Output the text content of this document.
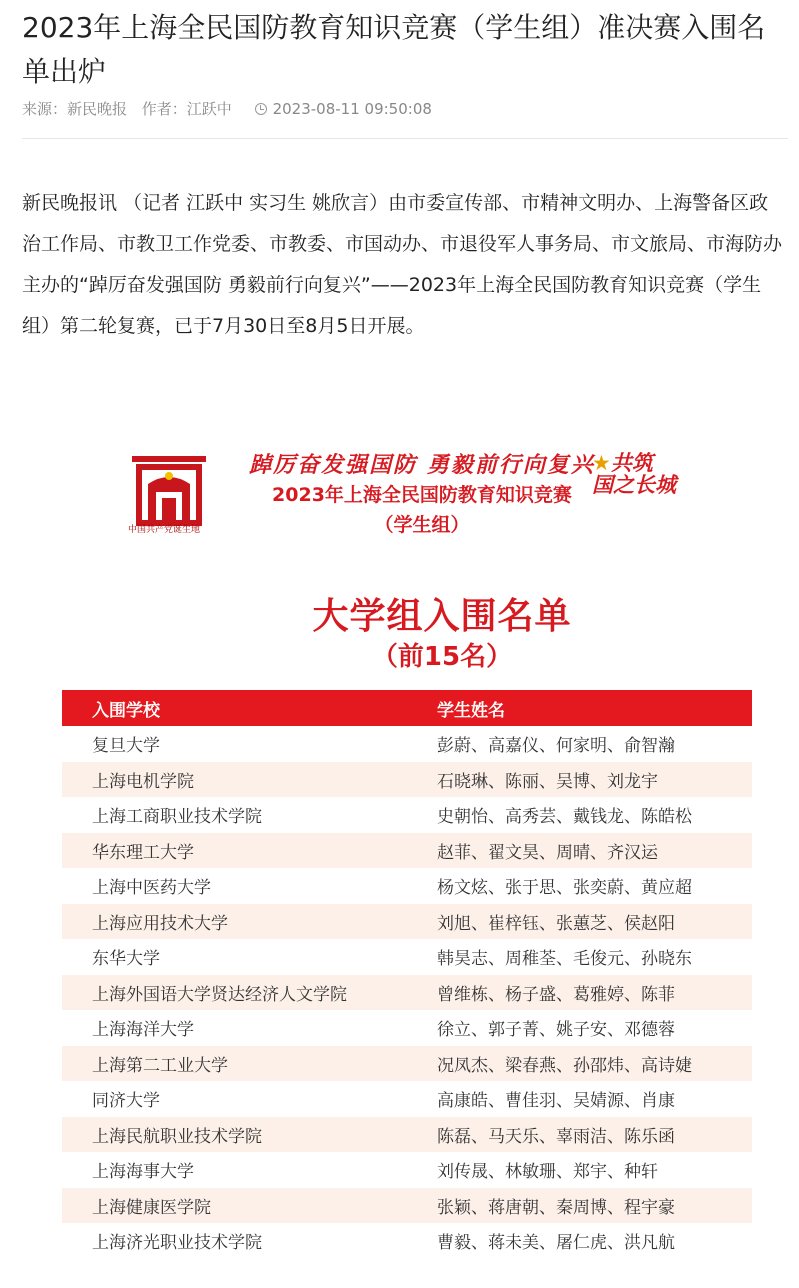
2023年上海全民国防教育知识竞赛（学生组）准决赛入围名单出炉
来源：新民晚报 作者：江跃中	2023-08-11 09:50:08

新民晚报讯 （记者 江跃中 实习生 姚欣言）由市委宣传部、市精神文明办、上海警备区政治工作局、市教卫工作党委、市教委、市国动办、市退役军人事务局、市文旅局、市海防办主办的“踔厉奋发强国防 勇毅前行向复兴”——2023年上海全民国防教育知识竞赛（学生组）第二轮复赛，已于7月30日至8月5日开展。

中国共产党诞生地
踔厉奋发强国防 勇毅前行向复兴
2023年上海全民国防教育知识竞赛
（学生组）
★共筑
国之长城
大学组入围名单
（前15名）
入围学校	学生姓名
复旦大学	彭蔚、高嘉仪、何家明、俞智瀚
上海电机学院	石晓琳、陈丽、吴博、刘龙宇
上海工商职业技术学院	史朝怡、高秀芸、戴钱龙、陈皓松
华东理工大学	赵菲、翟文昊、周晴、齐汉运
上海中医药大学	杨文炫、张于思、张奕蔚、黄应超
上海应用技术大学	刘旭、崔梓钰、张蕙芝、侯赵阳
东华大学	韩昊志、周稚荃、毛俊元、孙晓东
上海外国语大学贤达经济人文学院	曾维栋、杨子盛、葛雅婷、陈菲
上海海洋大学	徐立、郭子菁、姚子安、邓德蓉
上海第二工业大学	况凤杰、梁春燕、孙邵炜、高诗婕
同济大学	高康皓、曹佳羽、吴婧源、肖康
上海民航职业技术学院	陈磊、马天乐、辜雨洁、陈乐函
上海海事大学	刘传晟、林敏珊、郑宇、种轩
上海健康医学院	张颖、蒋唐朝、秦周博、程宇豪
上海济光职业技术学院	曹毅、蒋未美、屠仁虎、洪凡航
